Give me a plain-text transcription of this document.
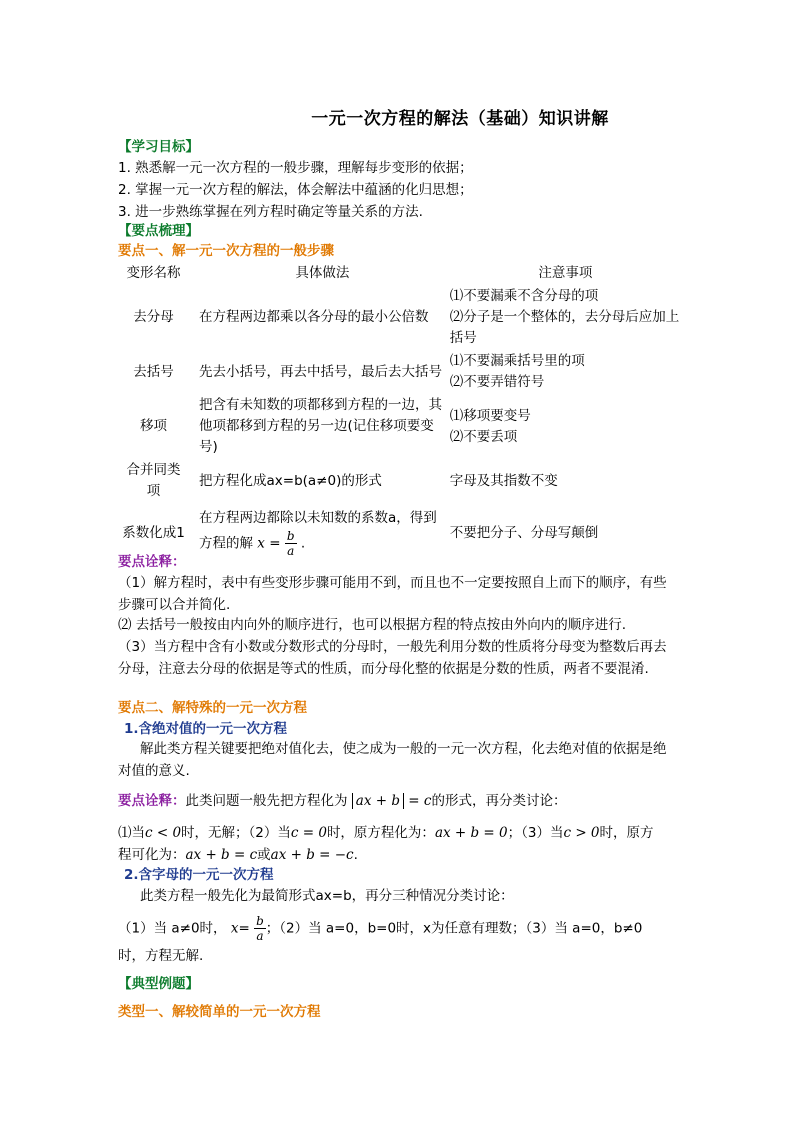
一元一次方程的解法（基础）知识讲解
【学习目标】
1. 熟悉解一元一次方程的一般步骤，理解每步变形的依据；
2. 掌握一元一次方程的解法，体会解法中蕴涵的化归思想；
3. 进一步熟练掌握在列方程时确定等量关系的方法.
【要点梳理】
要点一、解一元一次方程的一般步骤
变形名称	具体做法	注意事项
去分母	在方程两边都乘以各分母的最小公倍数	⑴不要漏乘不含分母的项
⑵分子是一个整体的，去分母后应加上括号

去括号	先去小括号，再去中括号，最后去大括号	⑴不要漏乘括号里的项
⑵不要弄错符号

移项	把含有未知数的项都移到方程的一边，其他项都移到方程的另一边(记住移项要变号)	⑴移项要变号
⑵不要丢项

合并同类项	把方程化成ax=b(a≠0)的形式	字母及其指数不变
系数化成1	在方程两边都除以未知数的系数a，得到方程的解 $x = \frac{b}{a}$ .	不要把分子、分母写颠倒
要点诠释：
（1）解方程时，表中有些变形步骤可能用不到，而且也不一定要按照自上而下的顺序，有些步骤可以合并简化.
⑵ 去括号一般按由内向外的顺序进行，也可以根据方程的特点按由外向内的顺序进行.
（3）当方程中含有小数或分数形式的分母时，一般先利用分数的性质将分母变为整数后再去分母，注意去分母的依据是等式的性质，而分母化整的依据是分数的性质，两者不要混淆.
要点二、解特殊的一元一次方程
1.含绝对值的一元一次方程
解此类方程关键要把绝对值化去，使之成为一般的一元一次方程，化去绝对值的依据是绝对值的意义.
要点诠释：此类问题一般先把方程化为 ax + b = c的形式，再分类讨论：
⑴当c < 0时，无解；（2）当c = 0时，原方程化为：ax + b = 0；（3）当c > 0时，原方
程可化为：ax + b = c或ax + b = −c.
2.含字母的一元一次方程
此类方程一般先化为最简形式ax=b，再分三种情况分类讨论：
（1）当 a≠0时， $x= \frac{b}{a}$ ；（2）当 a=0，b=0时，x为任意有理数；（3）当 a=0，b≠0
时，方程无解.
【典型例题】
类型一、解较简单的一元一次方程
